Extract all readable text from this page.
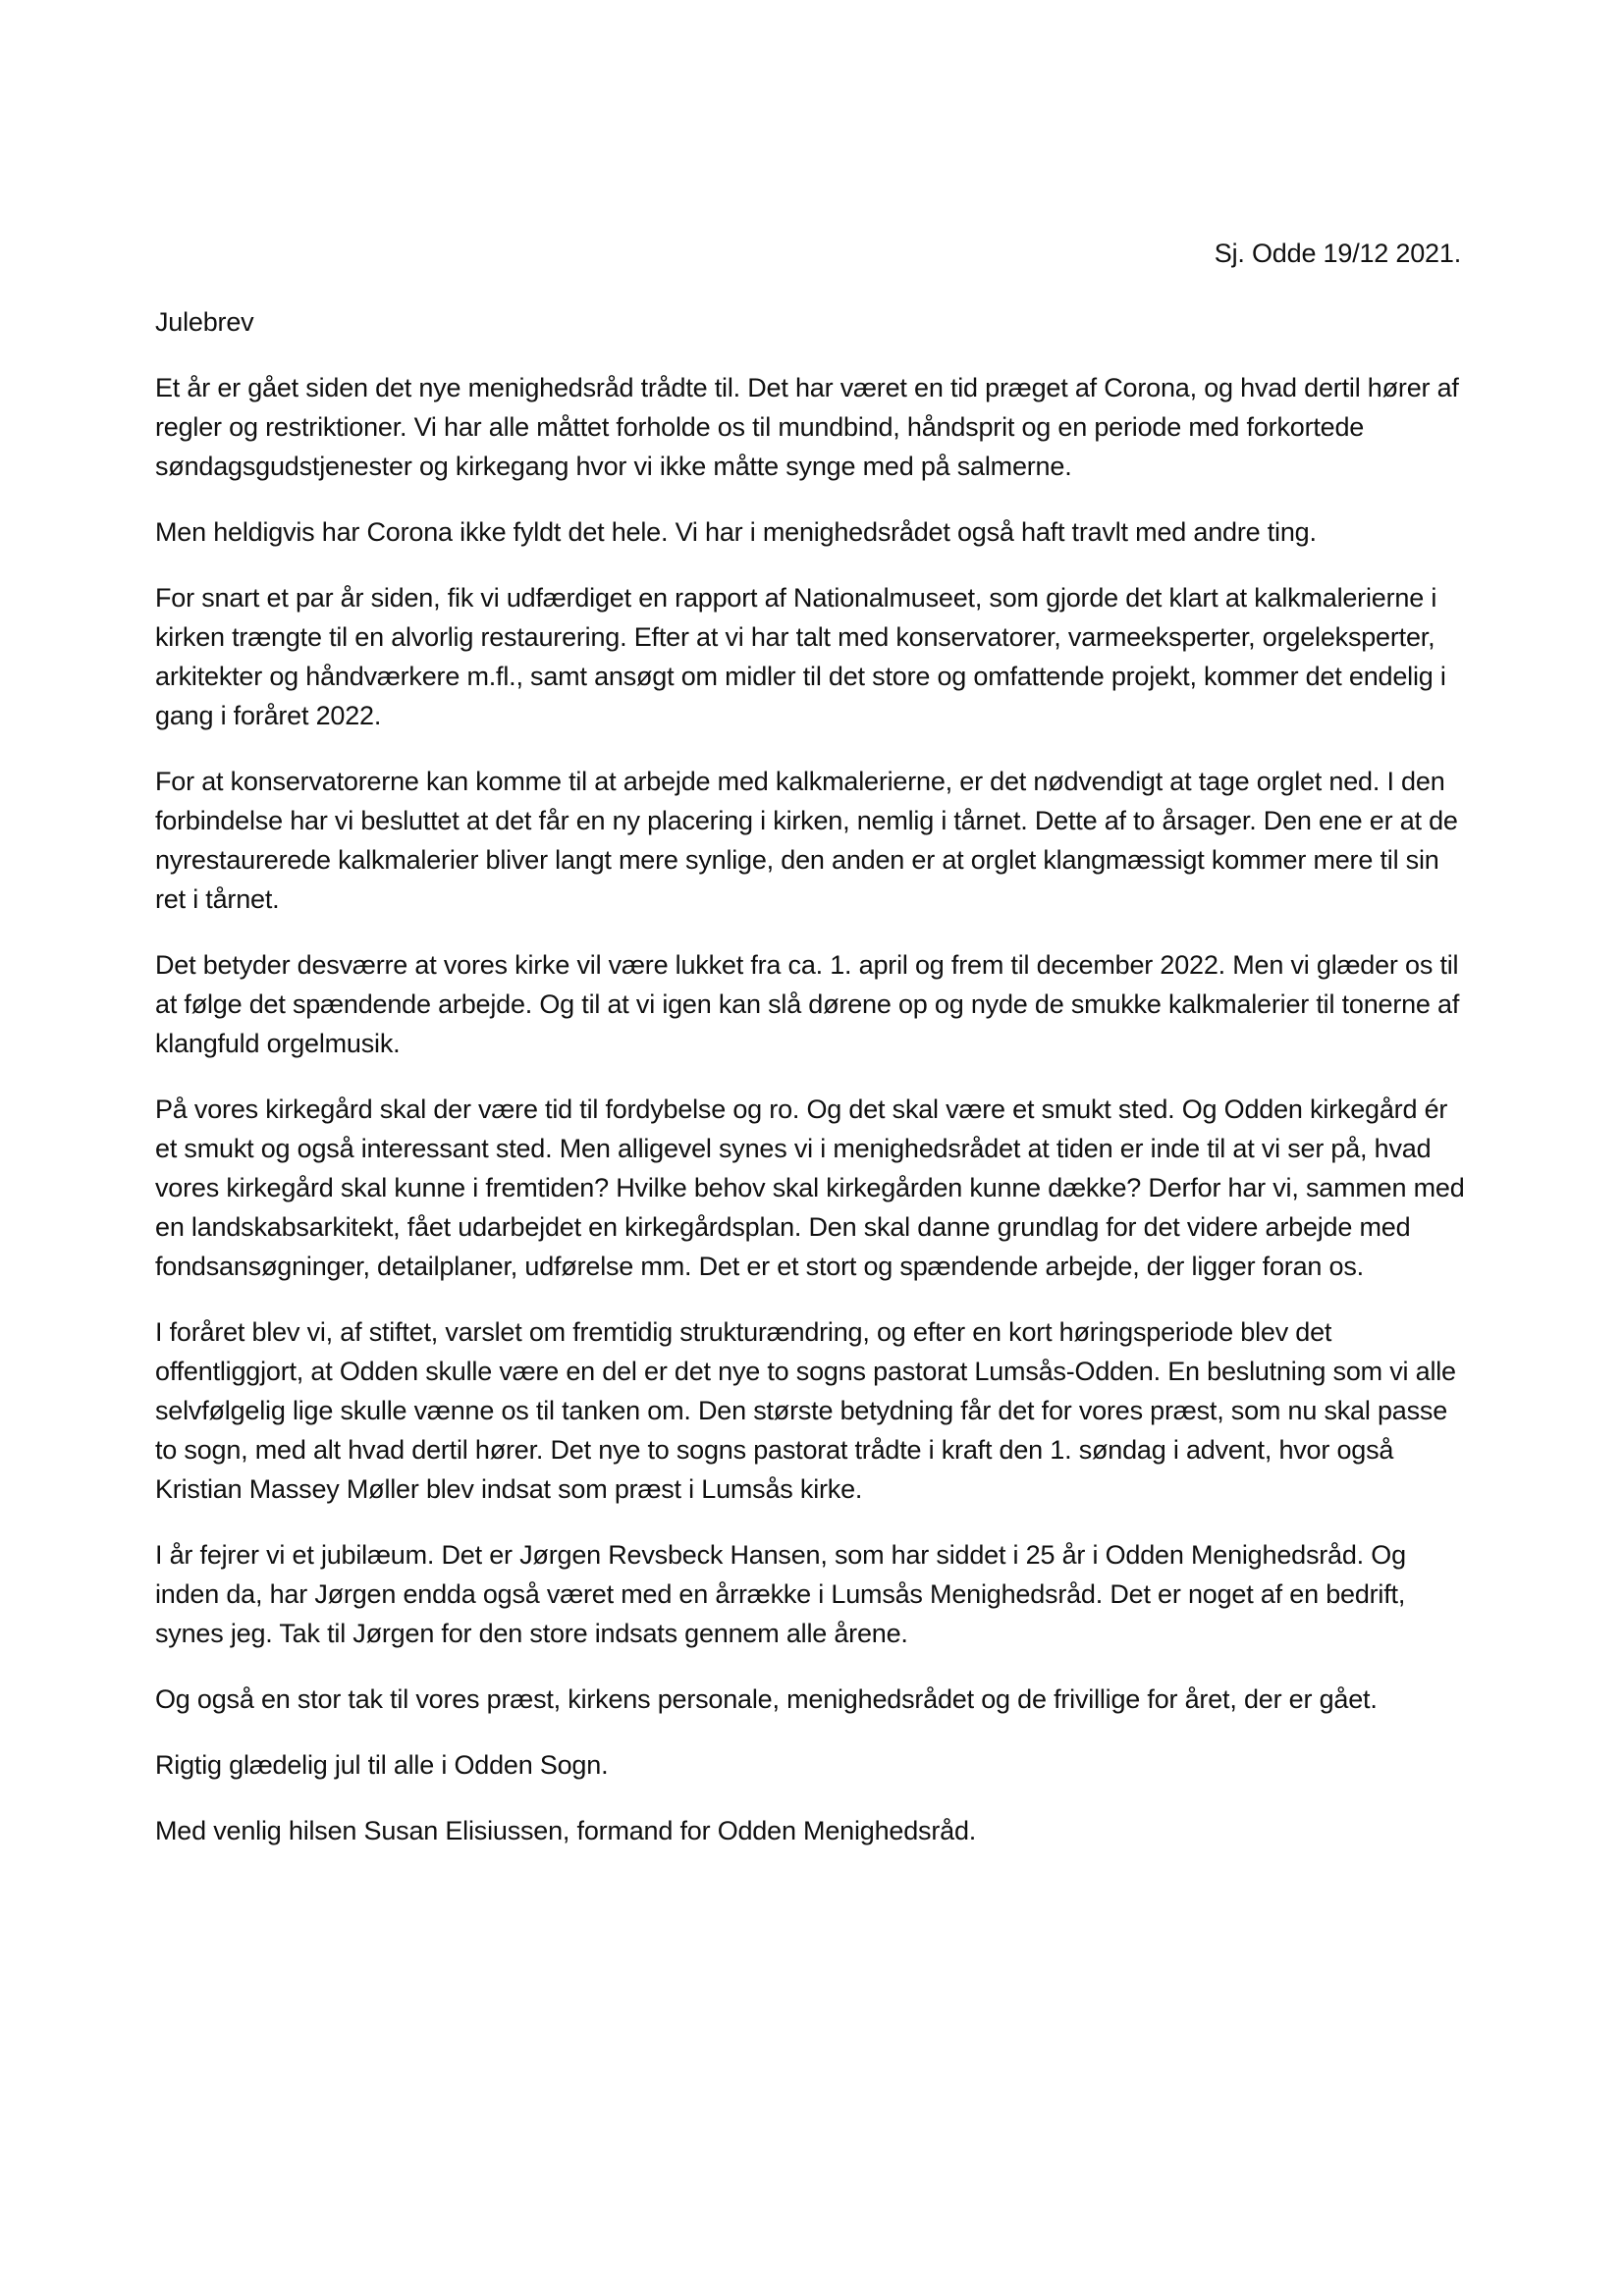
Sj. Odde 19/12 2021.

Julebrev

Et år er gået siden det nye menighedsråd trådte til. Det har været en tid præget af Corona, og hvad dertil hører af regler og restriktioner. Vi har alle måttet forholde os til mundbind, håndsprit og en periode med forkortede søndagsgudstjenester og kirkegang hvor vi ikke måtte synge med på salmerne.

Men heldigvis har Corona ikke fyldt det hele. Vi har i menighedsrådet også haft travlt med andre ting.

For snart et par år siden, fik vi udfærdiget en rapport af Nationalmuseet, som gjorde det klart at kalkmalerierne i kirken trængte til en alvorlig restaurering. Efter at vi har talt med konservatorer, varmeeksperter, orgeleksperter, arkitekter og håndværkere m.fl., samt ansøgt om midler til det store og omfattende projekt, kommer det endelig i gang i foråret 2022.

For at konservatorerne kan komme til at arbejde med kalkmalerierne, er det nødvendigt at tage orglet ned. I den forbindelse har vi besluttet at det får en ny placering i kirken, nemlig i tårnet. Dette af to årsager. Den ene er at de nyrestaurerede kalkmalerier bliver langt mere synlige, den anden er at orglet klangmæssigt kommer mere til sin ret i tårnet.

Det betyder desværre at vores kirke vil være lukket fra ca. 1. april og frem til december 2022. Men vi glæder os til at følge det spændende arbejde. Og til at vi igen kan slå dørene op og nyde de smukke kalkmalerier til tonerne af klangfuld orgelmusik.

På vores kirkegård skal der være tid til fordybelse og ro. Og det skal være et smukt sted. Og Odden kirkegård ér et smukt og også interessant sted. Men alligevel synes vi i menighedsrådet at tiden er inde til at vi ser på, hvad vores kirkegård skal kunne i fremtiden? Hvilke behov skal kirkegården kunne dække? Derfor har vi, sammen med en landskabsarkitekt, fået udarbejdet en kirkegårdsplan. Den skal danne grundlag for det videre arbejde med fondsansøgninger, detailplaner, udførelse mm. Det er et stort og spændende arbejde, der ligger foran os.

I foråret blev vi, af stiftet, varslet om fremtidig strukturændring, og efter en kort høringsperiode blev det offentliggjort, at Odden skulle være en del er det nye to sogns pastorat Lumsås-Odden. En beslutning som vi alle selvfølgelig lige skulle vænne os til tanken om. Den største betydning får det for vores præst, som nu skal passe to sogn, med alt hvad dertil hører. Det nye to sogns pastorat trådte i kraft den 1. søndag i advent, hvor også Kristian Massey Møller blev indsat som præst i Lumsås kirke.

I år fejrer vi et jubilæum. Det er Jørgen Revsbeck Hansen, som har siddet i 25 år i Odden Menighedsråd. Og inden da, har Jørgen endda også været med en årrække i Lumsås Menighedsråd. Det er noget af en bedrift, synes jeg. Tak til Jørgen for den store indsats gennem alle årene.

Og også en stor tak til vores præst, kirkens personale, menighedsrådet og de frivillige for året, der er gået.

Rigtig glædelig jul til alle i Odden Sogn.

Med venlig hilsen Susan Elisiussen, formand for Odden Menighedsråd.
